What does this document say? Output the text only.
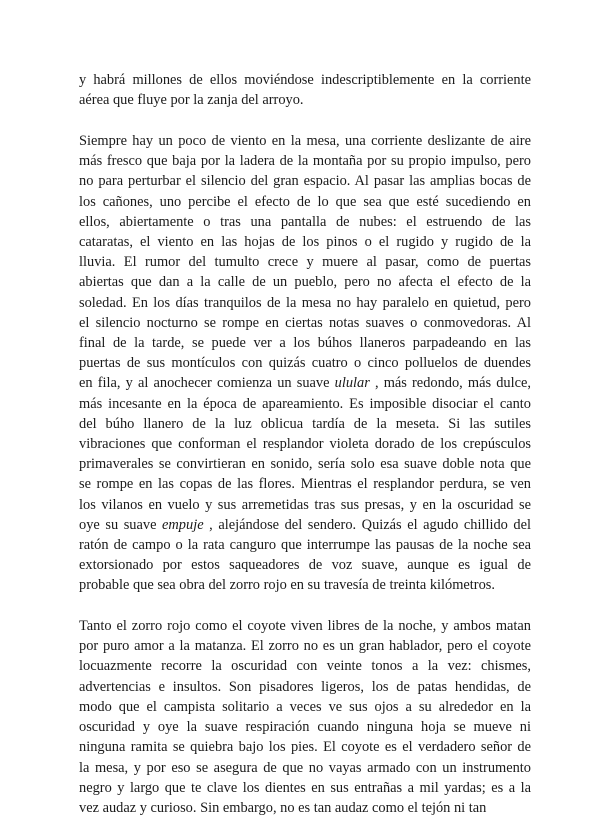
y habrá millones de ellos moviéndose indescriptiblemente en la corriente
aérea que fluye por la zanja del arroyo.
Siempre hay un poco de viento en la mesa, una corriente deslizante de aire
más fresco que baja por la ladera de la montaña por su propio impulso, pero
no para perturbar el silencio del gran espacio. Al pasar las amplias bocas de
los cañones, uno percibe el efecto de lo que sea que esté sucediendo en
ellos, abiertamente o tras una pantalla de nubes: el estruendo de las
cataratas, el viento en las hojas de los pinos o el rugido y rugido de la
lluvia. El rumor del tumulto crece y muere al pasar, como de puertas
abiertas que dan a la calle de un pueblo, pero no afecta el efecto de la
soledad. En los días tranquilos de la mesa no hay paralelo en quietud, pero
el silencio nocturno se rompe en ciertas notas suaves o conmovedoras. Al
final de la tarde, se puede ver a los búhos llaneros parpadeando en las
puertas de sus montículos con quizás cuatro o cinco polluelos de duendes
en fila, y al anochecer comienza un suave ulular , más redondo, más dulce,
más incesante en la época de apareamiento. Es imposible disociar el canto
del búho llanero de la luz oblicua tardía de la meseta. Si las sutiles
vibraciones que conforman el resplandor violeta dorado de los crepúsculos
primaverales se convirtieran en sonido, sería solo esa suave doble nota que
se rompe en las copas de las flores. Mientras el resplandor perdura, se ven
los vilanos en vuelo y sus arremetidas tras sus presas, y en la oscuridad se
oye su suave empuje , alejándose del sendero. Quizás el agudo chillido del
ratón de campo o la rata canguro que interrumpe las pausas de la noche sea
extorsionado por estos saqueadores de voz suave, aunque es igual de
probable que sea obra del zorro rojo en su travesía de treinta kilómetros.
Tanto el zorro rojo como el coyote viven libres de la noche, y ambos matan
por puro amor a la matanza. El zorro no es un gran hablador, pero el coyote
locuazmente recorre la oscuridad con veinte tonos a la vez: chismes,
advertencias e insultos. Son pisadores ligeros, los de patas hendidas, de
modo que el campista solitario a veces ve sus ojos a su alrededor en la
oscuridad y oye la suave respiración cuando ninguna hoja se mueve ni
ninguna ramita se quiebra bajo los pies. El coyote es el verdadero señor de
la mesa, y por eso se asegura de que no vayas armado con un instrumento
negro y largo que te clave los dientes en sus entrañas a mil yardas; es a la
vez audaz y curioso. Sin embargo, no es tan audaz como el tejón ni tan
